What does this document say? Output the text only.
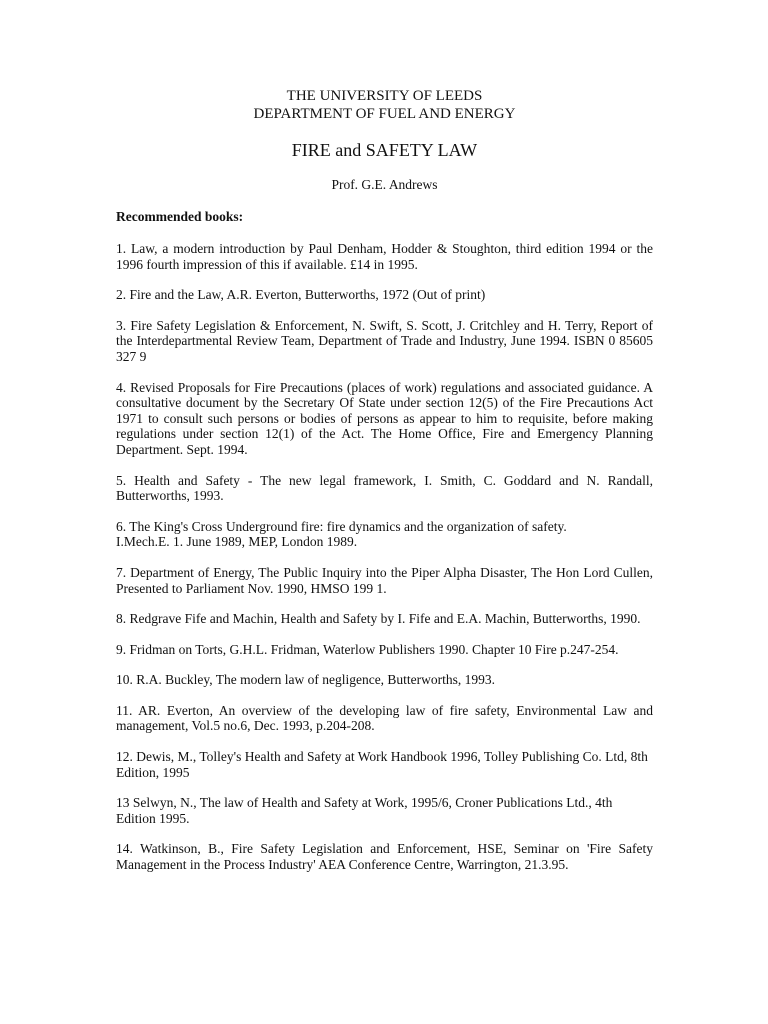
THE UNIVERSITY OF LEEDS

DEPARTMENT OF FUEL AND ENERGY

FIRE and SAFETY LAW

Prof. G.E. Andrews

Recommended books:

1. Law, a modern introduction by Paul Denham, Hodder & Stoughton, third edition 1994 or the 1996 fourth impression of this if available. £14 in 1995.
2. Fire and the Law, A.R. Everton, Butterworths, 1972 (Out of print)
3. Fire Safety Legislation & Enforcement, N. Swift, S. Scott, J. Critchley and H. Terry, Report of the Interdepartmental Review Team, Department of Trade and Industry, June 1994. ISBN 0 85605 327 9
4. Revised Proposals for Fire Precautions (places of work) regulations and associated guidance. A consultative document by the Secretary Of State under section 12(5) of the Fire Precautions Act 1971 to consult such persons or bodies of persons as appear to him to requisite, before making regulations under section 12(1) of the Act. The Home Office, Fire and Emergency Planning Department. Sept. 1994.
5. Health and Safety - The new legal framework, I. Smith, C. Goddard and N. Randall, Butterworths, 1993.
6. The King's Cross Underground fire: fire dynamics and the organization of safety.
I.Mech.E. 1. June 1989, MEP, London 1989.
7. Department of Energy, The Public Inquiry into the Piper Alpha Disaster, The Hon Lord Cullen, Presented to Parliament Nov. 1990, HMSO 199 1.
8. Redgrave Fife and Machin, Health and Safety by I. Fife and E.A. Machin, Butterworths, 1990.
9. Fridman on Torts, G.H.L. Fridman, Waterlow Publishers 1990. Chapter 10 Fire p.247-254.
10. R.A. Buckley, The modern law of negligence, Butterworths, 1993.
11. AR. Everton, An overview of the developing law of fire safety, Environmental Law and management, Vol.5 no.6, Dec. 1993, p.204-208.
12. Dewis, M., Tolley's Health and Safety at Work Handbook 1996, Tolley Publishing Co. Ltd, 8th Edition, 1995
13 Selwyn, N., The law of Health and Safety at Work, 1995/6, Croner Publications Ltd., 4th Edition 1995.
14. Watkinson, B., Fire Safety Legislation and Enforcement, HSE, Seminar on 'Fire Safety Management in the Process Industry' AEA Conference Centre, Warrington, 21.3.95.
